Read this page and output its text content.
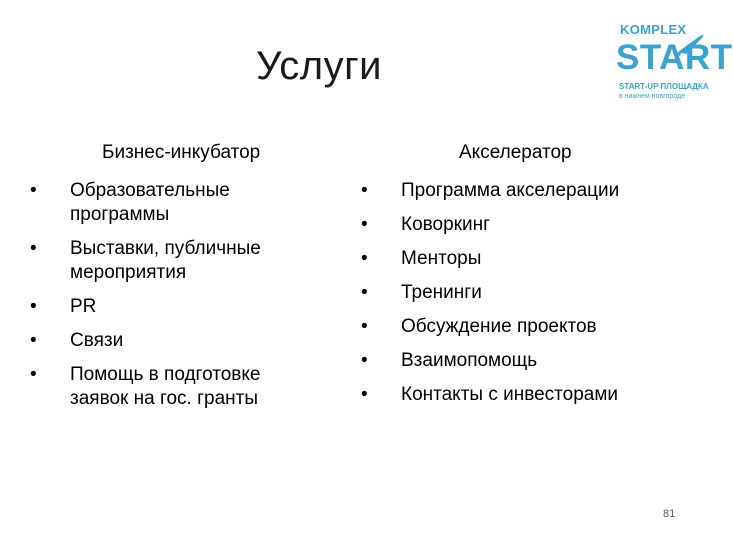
Услуги
KOMPLEX
START
START-UP ПЛОЩАДКА
в нижнем новгороде
Бизнес-инкубатор	Акселератор
• Образовательные программы
• Выставки, публичные мероприятия
• PR
• Связи
• Помощь в подготовке заявок на гос. гранты
• Программа акселерации
• Коворкинг
• Менторы
• Тренинги
• Обсуждение проектов
• Взаимопомощь
• Контакты с инвесторами
81
